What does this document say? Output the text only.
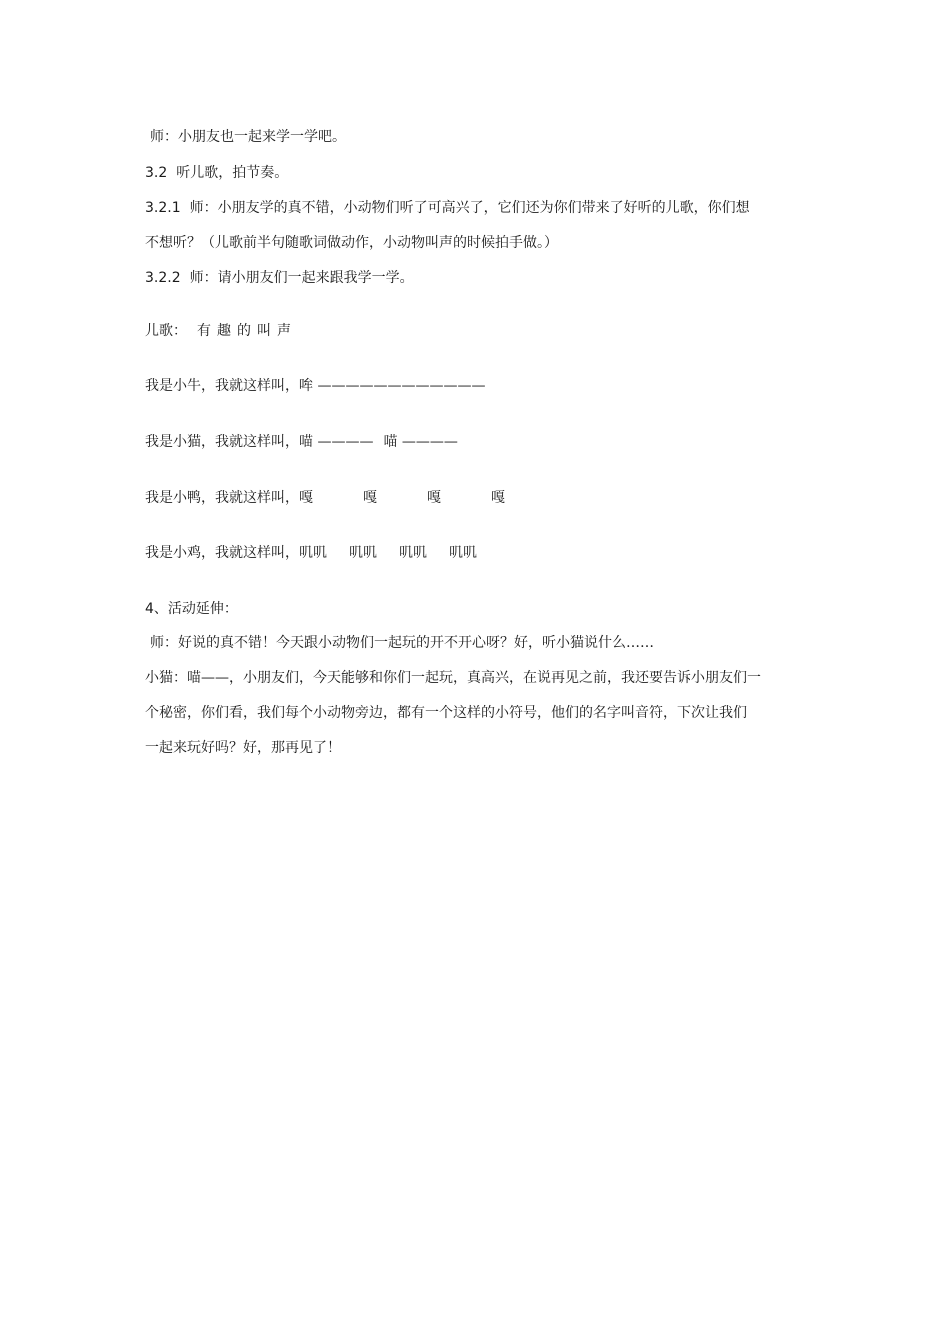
师：小朋友也一起来学一学吧。
3.2 听儿歌，拍节奏。
3.2.1 师：小朋友学的真不错，小动物们听了可高兴了，它们还为你们带来了好听的儿歌，你们想
不想听？（儿歌前半句随歌词做动作，小动物叫声的时候拍手做。）
3.2.2 师：请小朋友们一起来跟我学一学。
儿歌： 有趣的叫声
我是小牛，我就这样叫，哞 ————————————
我是小猫，我就这样叫，喵 ———— 喵 ————
我是小鸭，我就这样叫，嘎	嘎	嘎	嘎
我是小鸡，我就这样叫，叽叽 叽叽 叽叽 叽叽
4、活动延伸：
师：好说的真不错！今天跟小动物们一起玩的开不开心呀？好，听小猫说什么……
小猫：喵——，小朋友们，今天能够和你们一起玩，真高兴，在说再见之前，我还要告诉小朋友们一
个秘密，你们看，我们每个小动物旁边，都有一个这样的小符号，他们的名字叫音符，下次让我们
一起来玩好吗？好，那再见了！
